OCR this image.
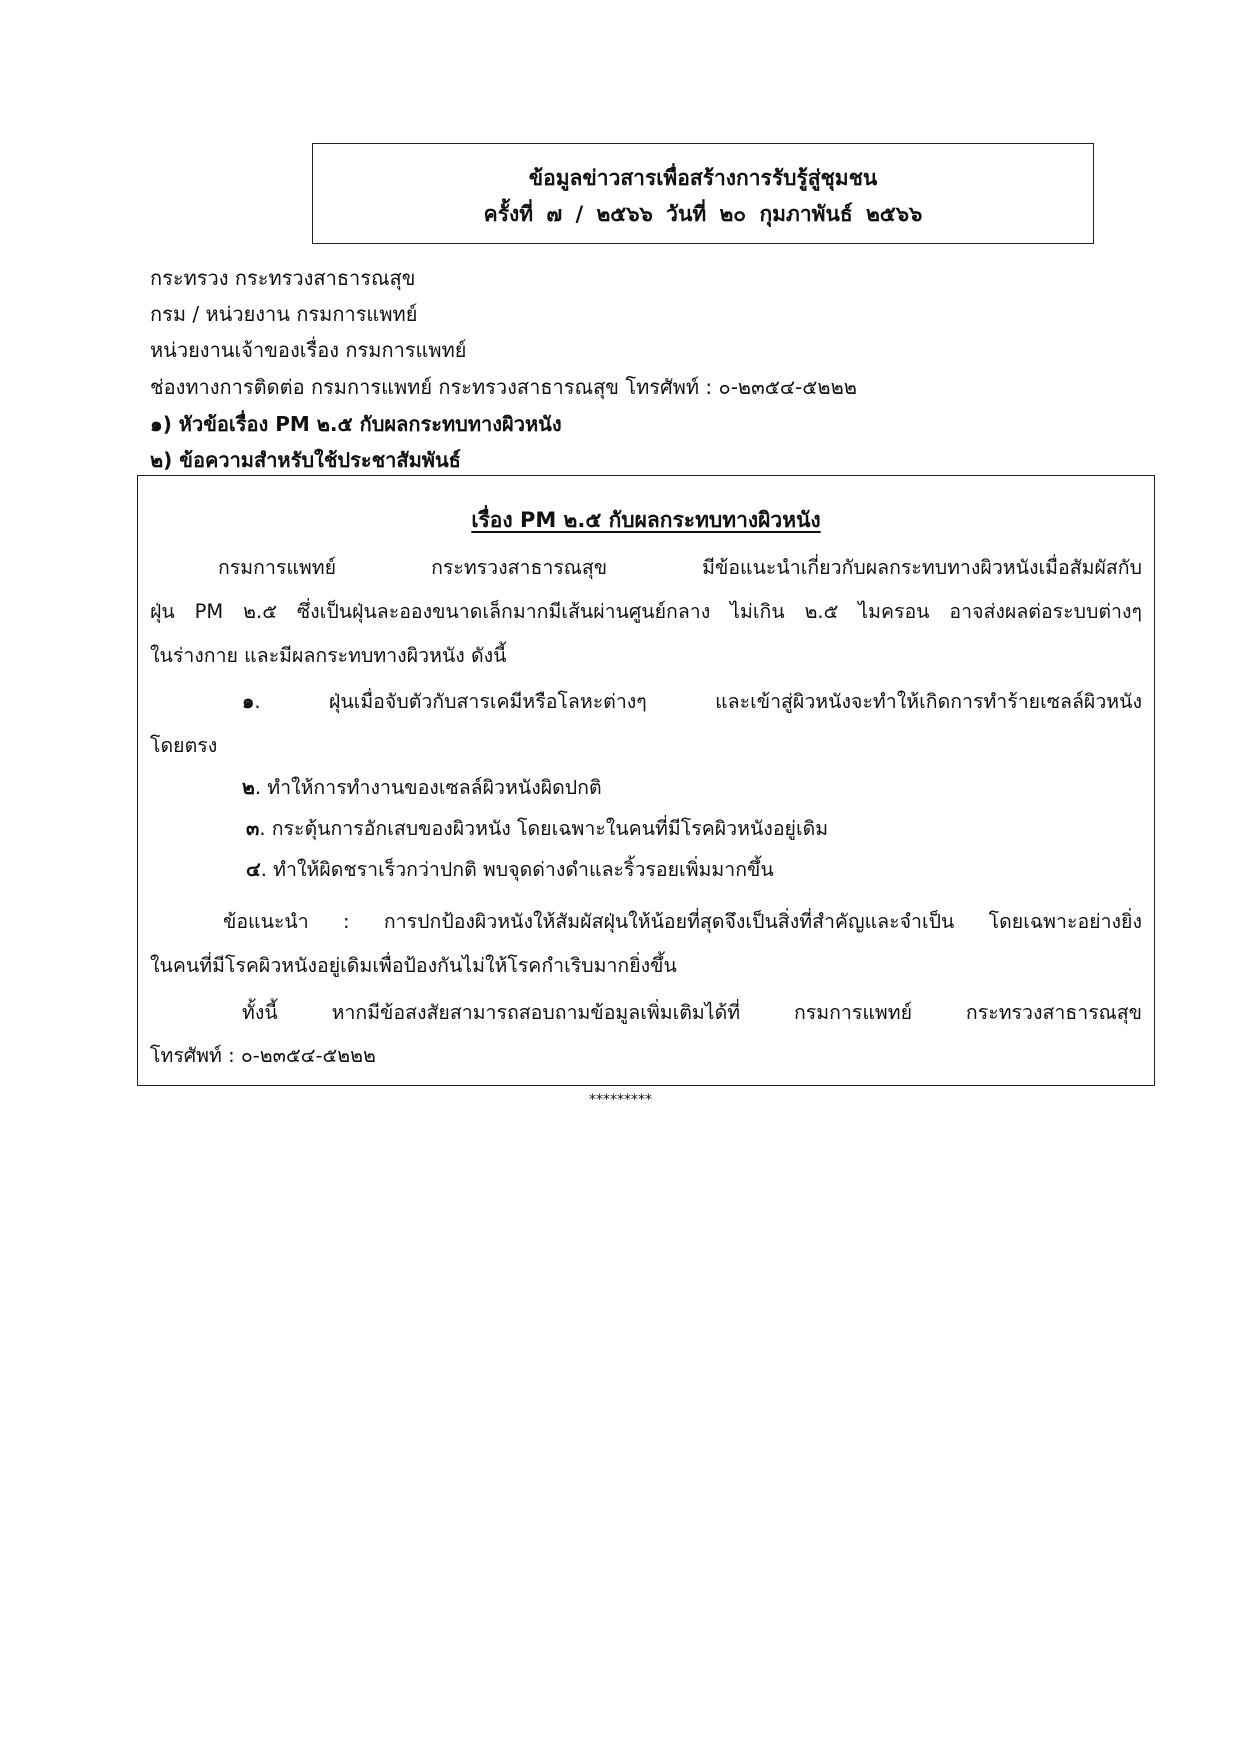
ข้อมูลข่าวสารเพื่อสร้างการรับรู้สู่ชุมชน
ครั้งที่ ๗ / ๒๕๖๖ วันที่ ๒๐ กุมภาพันธ์ ๒๕๖๖
กระทรวง กระทรวงสาธารณสุข
กรม / หน่วยงาน กรมการแพทย์
หน่วยงานเจ้าของเรื่อง กรมการแพทย์
ช่องทางการติดต่อ กรมการแพทย์ กระทรวงสาธารณสุข โทรศัพท์ : ๐-๒๓๕๔-๕๒๒๒
๑) หัวข้อเรื่อง PM ๒.๕ กับผลกระทบทางผิวหนัง
๒) ข้อความสำหรับใช้ประชาสัมพันธ์
เรื่อง PM ๒.๕ กับผลกระทบทางผิวหนัง
กรมการแพทย์ กระทรวงสาธารณสุข มีข้อแนะนำเกี่ยวกับผลกระทบทางผิวหนังเมื่อสัมผัสกับ
ฝุ่น PM ๒.๕ ซึ่งเป็นฝุ่นละอองขนาดเล็กมากมีเส้นผ่านศูนย์กลาง ไม่เกิน ๒.๕ ไมครอน อาจส่งผลต่อระบบต่างๆ
ในร่างกาย และมีผลกระทบทางผิวหนัง ดังนี้
๑. ฝุ่นเมื่อจับตัวกับสารเคมีหรือโลหะต่างๆ และเข้าสู่ผิวหนังจะทำให้เกิดการทำร้ายเซลล์ผิวหนัง
โดยตรง
๒. ทำให้การทำงานของเซลล์ผิวหนังผิดปกติ
๓. กระตุ้นการอักเสบของผิวหนัง โดยเฉพาะในคนที่มีโรคผิวหนังอยู่เดิม
๔. ทำให้ผิดชราเร็วกว่าปกติ พบจุดด่างดำและริ้วรอยเพิ่มมากขึ้น
ข้อแนะนำ : การปกป้องผิวหนังให้สัมผัสฝุ่นให้น้อยที่สุดจึงเป็นสิ่งที่สำคัญและจำเป็น โดยเฉพาะอย่างยิ่ง
ในคนที่มีโรคผิวหนังอยู่เดิมเพื่อป้องกันไม่ให้โรคกำเริบมากยิ่งขึ้น
ทั้งนี้ หากมีข้อสงสัยสามารถสอบถามข้อมูลเพิ่มเติมได้ที่ กรมการแพทย์ กระทรวงสาธารณสุข
โทรศัพท์ : ๐-๒๓๕๔-๕๒๒๒
*********
